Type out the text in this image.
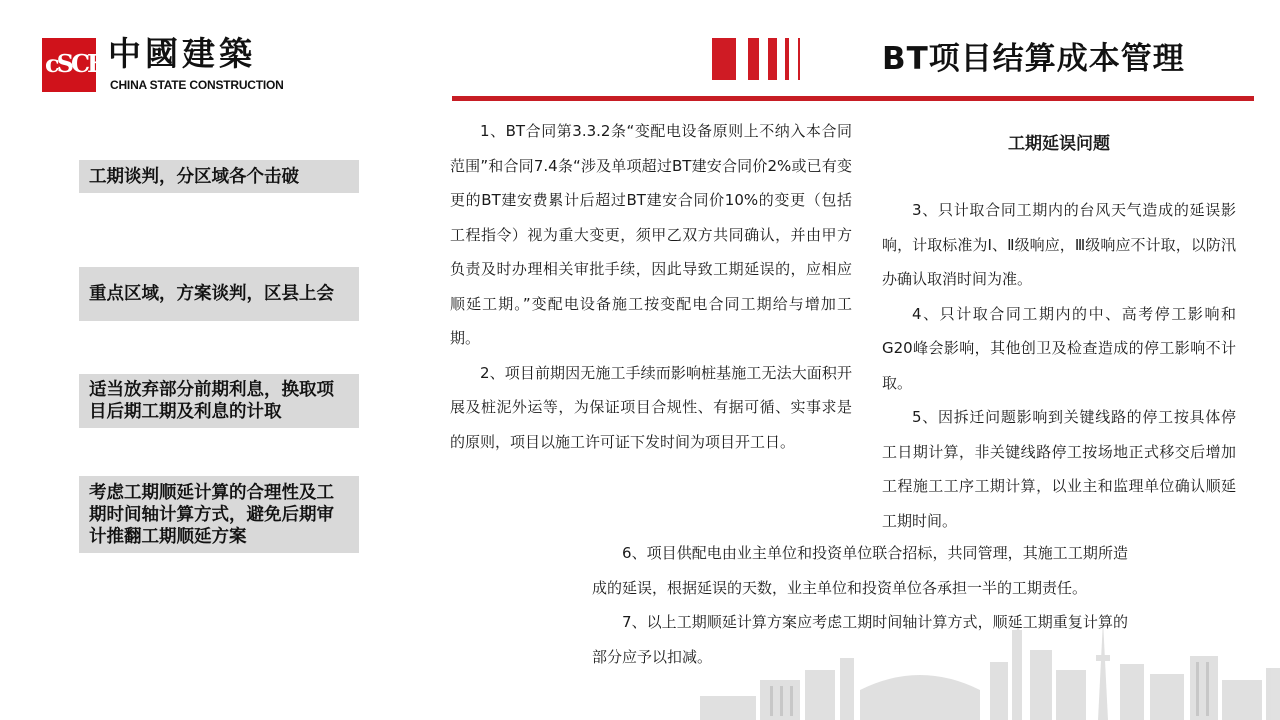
cSCEC
中國建築
CHINA STATE CONSTRUCTION
BT项目结算成本管理
工期谈判，分区域各个击破
重点区域，方案谈判，区县上会
适当放弃部分前期利息，换取项目后期工期及利息的计取
考虑工期顺延计算的合理性及工期时间轴计算方式，避免后期审计推翻工期顺延方案

1、BT合同第3.3.2条“变配电设备原则上不纳入本合同范围”和合同7.4条“涉及单项超过BT建安合同价2%或已有变更的BT建安费累计后超过BT建安合同价10%的变更（包括工程指令）视为重大变更，须甲乙双方共同确认，并由甲方负责及时办理相关审批手续，因此导致工期延误的，应相应顺延工期。”变配电设备施工按变配电合同工期给与增加工期。

2、项目前期因无施工手续而影响桩基施工无法大面积开展及桩泥外运等，为保证项目合规性、有据可循、实事求是的原则，项目以施工许可证下发时间为项目开工日。

工期延误问题

3、只计取合同工期内的台风天气造成的延误影响，计取标准为Ⅰ、Ⅱ级响应，Ⅲ级响应不计取，以防汛办确认取消时间为准。

4、只计取合同工期内的中、高考停工影响和G20峰会影响，其他创卫及检查造成的停工影响不计取。

5、因拆迁问题影响到关键线路的停工按具体停工日期计算，非关键线路停工按场地正式移交后增加工程施工工序工期计算，以业主和监理单位确认顺延工期时间。

6、项目供配电由业主单位和投资单位联合招标，共同管理，其施工工期所造成的延误，根据延误的天数，业主单位和投资单位各承担一半的工期责任。

7、以上工期顺延计算方案应考虑工期时间轴计算方式，顺延工期重复计算的部分应予以扣减。
